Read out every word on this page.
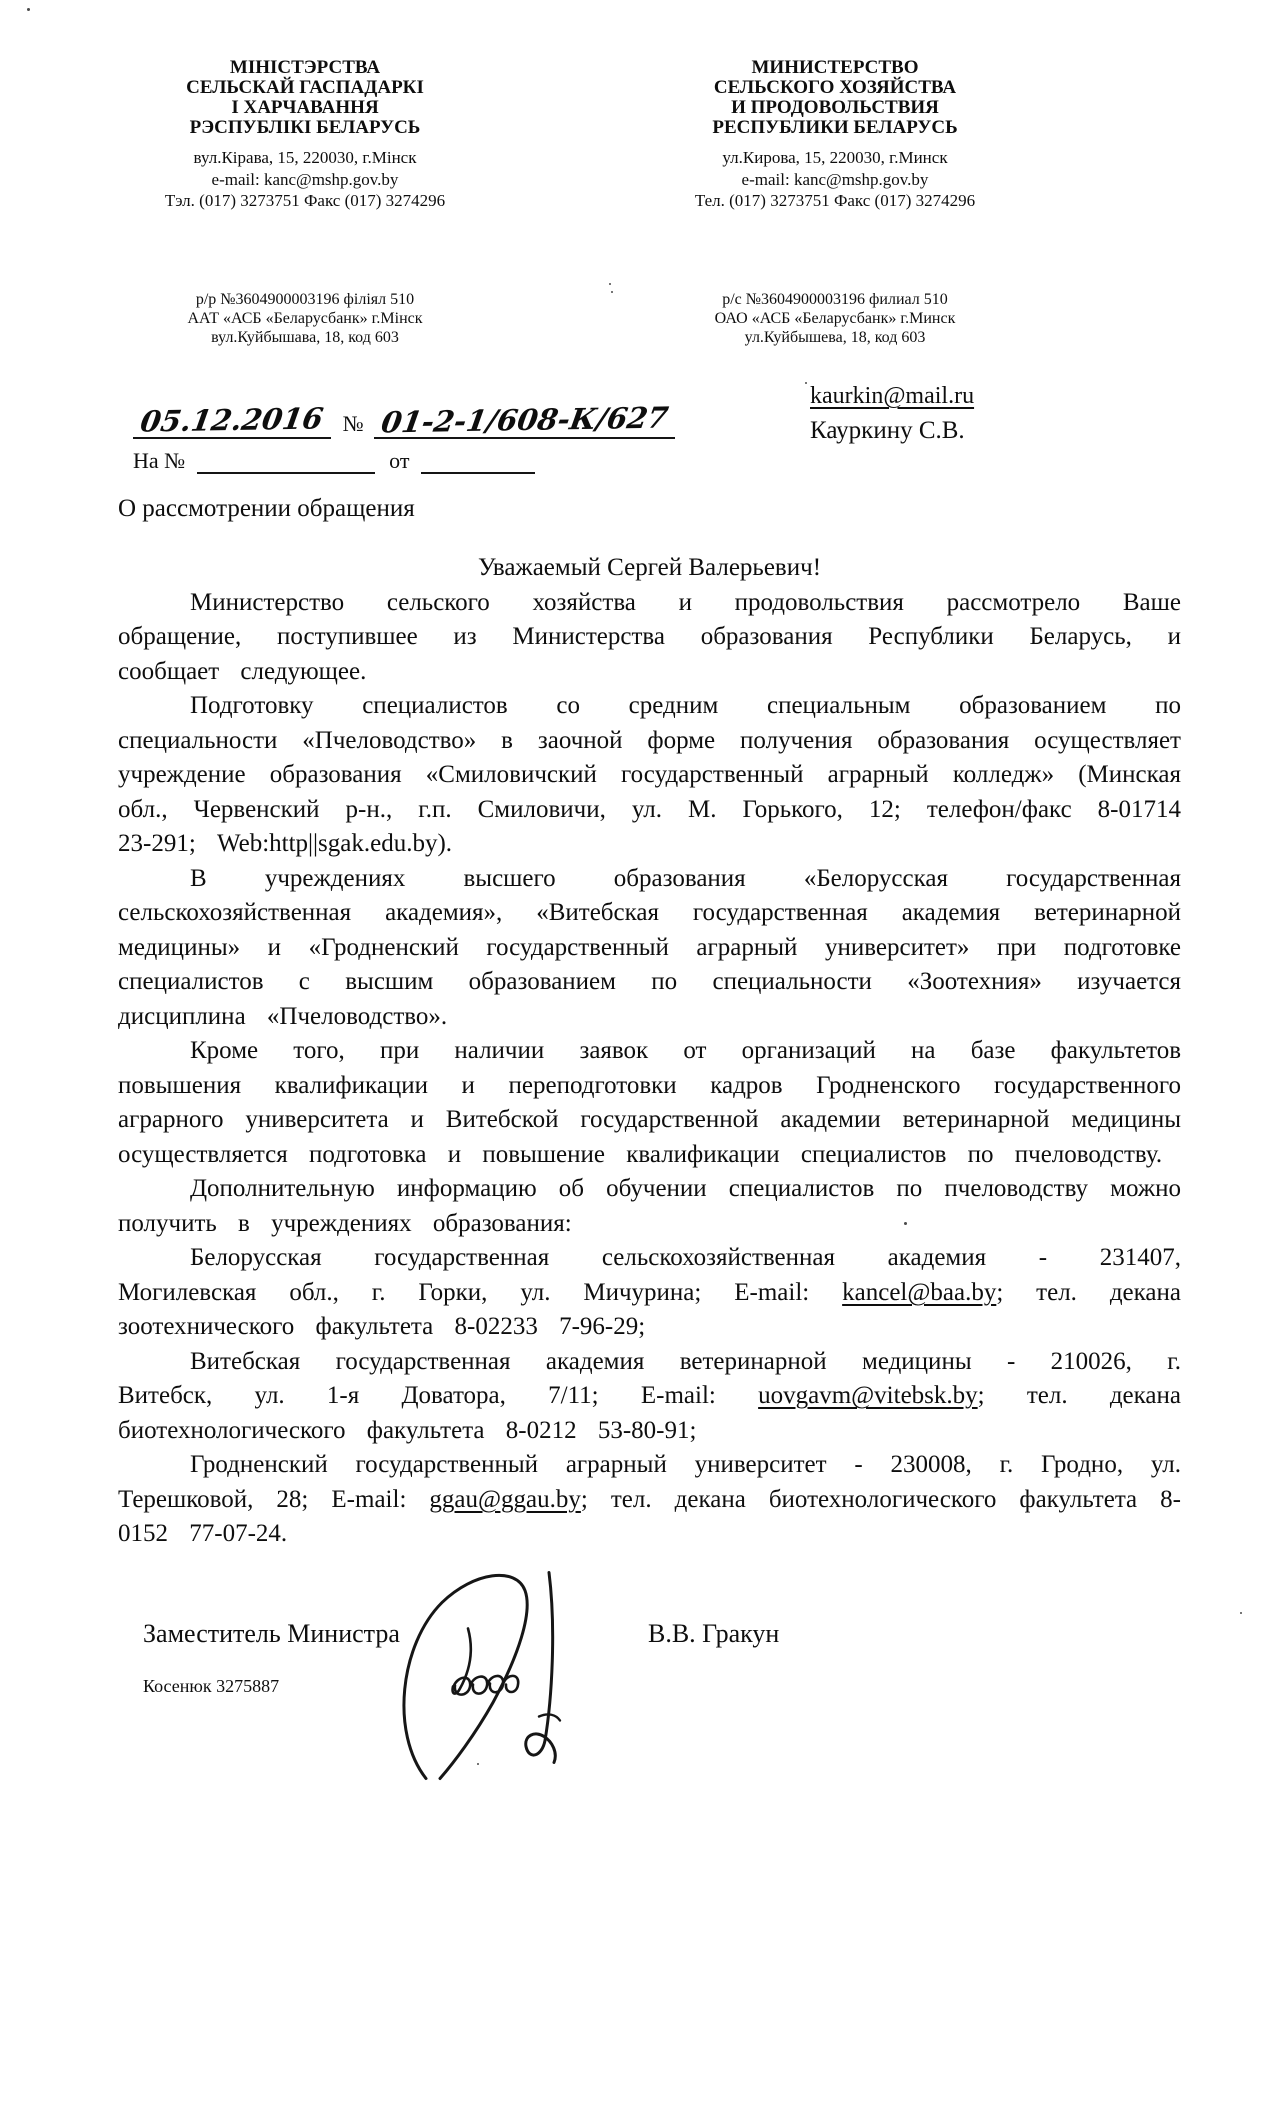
МІНІСТЭРСТВА
СЕЛЬСКАЙ ГАСПАДАРКІ
І ХАРЧАВАННЯ
РЭСПУБЛІКІ БЕЛАРУСЬ
вул.Кірава, 15, 220030, г.Мінск
e-mail: kanc@mshp.gov.by
Тэл. (017) 3273751 Факс (017) 3274296
р/р №3604900003196 філіял 510
ААТ «АСБ «Беларусбанк» г.Мінск
вул.Куйбышава, 18, код 603
МИНИСТЕРСТВО
СЕЛЬСКОГО ХОЗЯЙСТВА
И ПРОДОВОЛЬСТВИЯ
РЕСПУБЛИКИ БЕЛАРУСЬ
ул.Кирова, 15, 220030, г.Минск
e-mail: kanc@mshp.gov.by
Тел. (017) 3273751 Факс (017) 3274296
р/с №3604900003196 филиал 510
ОАО «АСБ «Беларусбанк» г.Минск
ул.Куйбышева, 18, код 603
05.12.2016 № 01-2-1/608-К/627
На №	от
kaurkin@mail.ru
Кауркину С.В.
О рассмотрении обращения

Уважаемый Сергей Валерьевич!

Министерство сельского хозяйства и продовольствия рассмотрело Ваше обращение, поступившее из Министерства образования Республики Беларусь, и сообщает следующее.

Подготовку специалистов со средним специальным образованием по специальности «Пчеловодство» в заочной форме получения образования осуществляет учреждение образования «Смиловичский государственный аграрный колледж» (Минская обл., Червенский р-н., г.п. Смиловичи, ул. М. Горького, 12; телефон/факс 8-01714 23-291; Web:http||sgak.edu.by).

В учреждениях высшего образования «Белорусская государственная сельскохозяйственная академия», «Витебская государственная академия ветеринарной медицины» и «Гродненский государственный аграрный университет» при подготовке специалистов с высшим образованием по специальности «Зоотехния» изучается дисциплина «Пчеловодство».

Кроме того, при наличии заявок от организаций на базе факультетов повышения квалификации и переподготовки кадров Гродненского государственного аграрного университета и Витебской государственной академии ветеринарной медицины осуществляется подготовка и повышение квалификации специалистов по пчеловодству.

Дополнительную информацию об обучении специалистов по пчеловодству можно получить в учреждениях образования:

Белорусская государственная сельскохозяйственная академия - 231407, Могилевская обл., г. Горки, ул. Мичурина; E-mail: kancel@baa.by; тел. декана зоотехнического факультета 8-02233 7-96-29;

Витебская государственная академия ветеринарной медицины - 210026, г. Витебск, ул. 1-я Доватора, 7/11; E-mail: uovgavm@vitebsk.by; тел. декана биотехнологического факультета 8-0212 53-80-91;

Гродненский государственный аграрный университет - 230008, г. Гродно, ул. Терешковой, 28; E-mail: ggau@ggau.by; тел. декана биотехнологического факультета 8-0152 77-07-24.

Заместитель Министра	В.В. Гракун
Косенюк 3275887
